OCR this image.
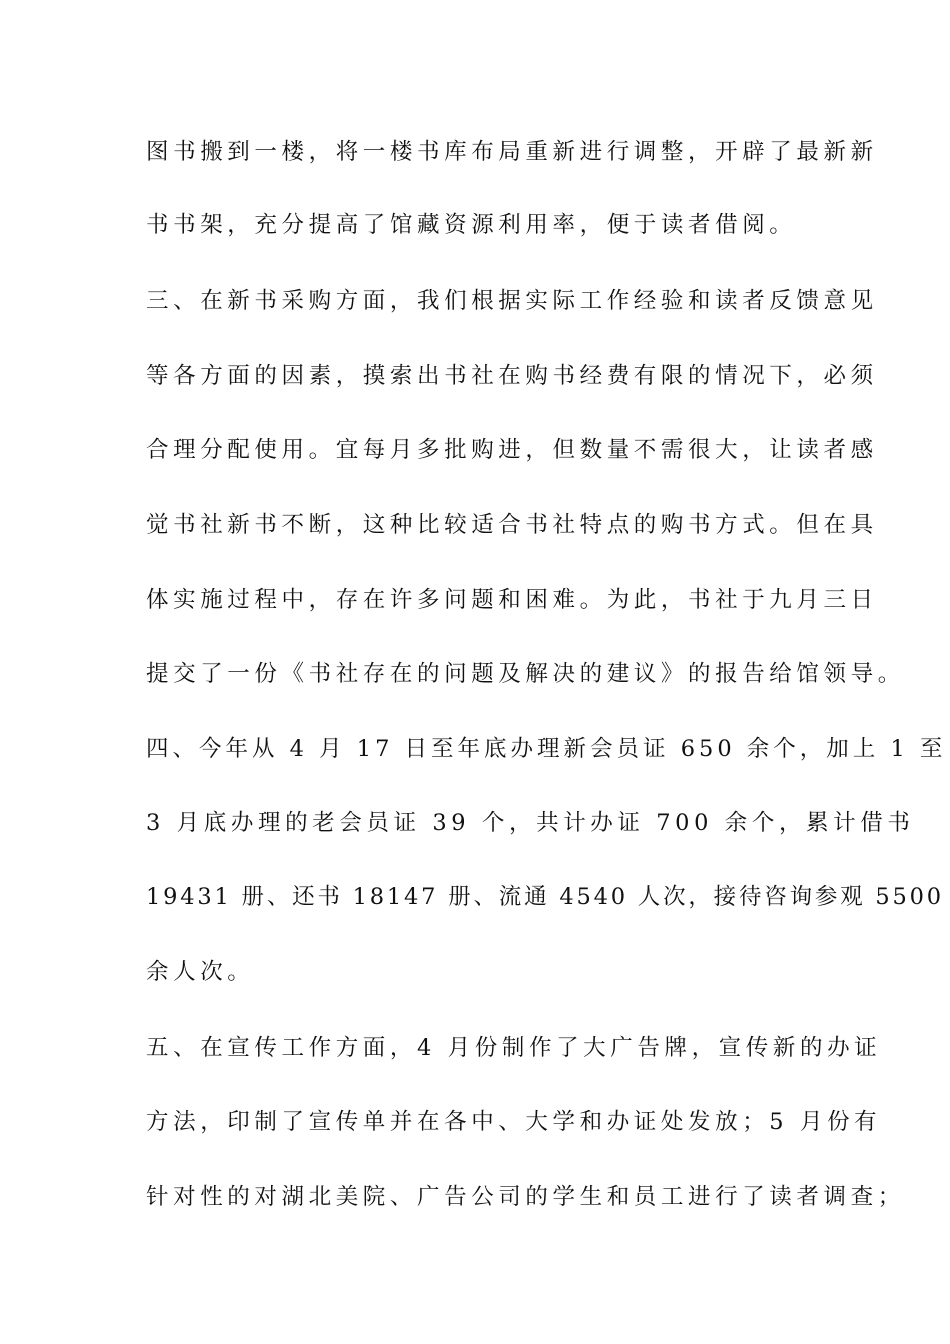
图书搬到一楼，将一楼书库布局重新进行调整，开辟了最新新
书书架，充分提高了馆藏资源利用率，便于读者借阅。
三、在新书采购方面，我们根据实际工作经验和读者反馈意见
等各方面的因素，摸索出书社在购书经费有限的情况下，必须
合理分配使用。宜每月多批购进，但数量不需很大，让读者感
觉书社新书不断，这种比较适合书社特点的购书方式。但在具
体实施过程中，存在许多问题和困难。为此，书社于九月三日
提交了一份《书社存在的问题及解决的建议》的报告给馆领导。
四、今年从 4 月 17 日至年底办理新会员证 650 余个，加上 1 至
3 月底办理的老会员证 39 个，共计办证 700 余个，累计借书
19431 册、还书 18147 册、流通 4540 人次，接待咨询参观 5500
余人次。
五、在宣传工作方面，4 月份制作了大广告牌，宣传新的办证
方法，印制了宣传单并在各中、大学和办证处发放；5 月份有
针对性的对湖北美院、广告公司的学生和员工进行了读者调查；
